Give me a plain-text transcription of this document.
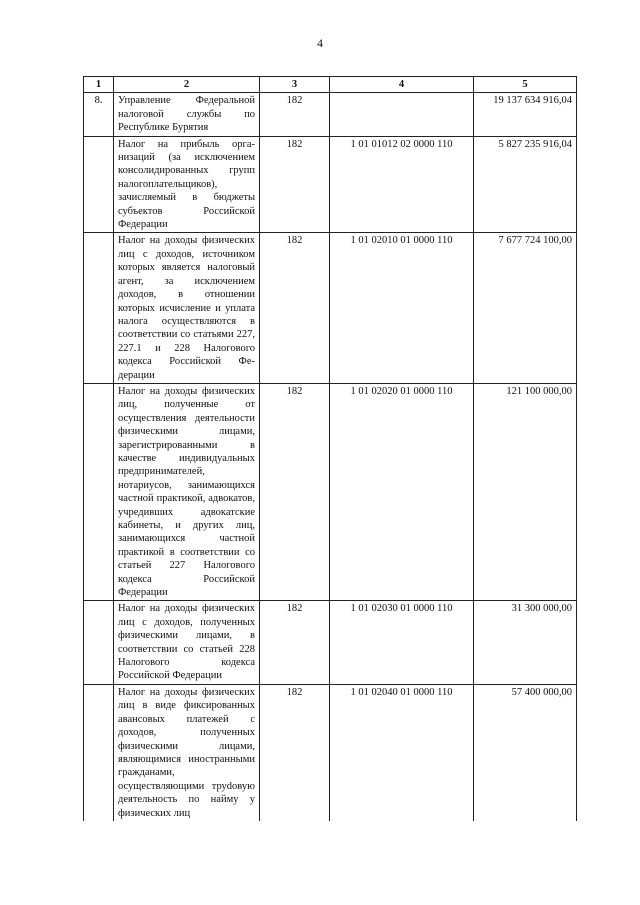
4
1	2	3	4	5
8.	Управление Федеральной налоговой службы по Республике Бурятия	182		19 137 634 916,04
	Налог на прибыль организаций (за исключением консолидированных групп налогоплательщиков), зачисляемый в бюджеты субъектов Российской Федерации	182	1 01 01012 02 0000 110	5 827 235 916,04
	Налог на доходы физических лиц с доходов, источником которых является налоговый агент, за исключением доходов, в отношении которых исчисление и уплата налога осуществляются в соответствии со статьями 227, 227.1 и 228 Налогового кодекса Российской Федерации	182	1 01 02010 01 0000 110	7 677 724 100,00
	Налог на доходы физических лиц, полученные от осуществления деятельности физическими лицами, зарегистрированными в качестве индивидуальных предпринимателей, нотариусов, занимающихся частной практикой, адвокатов, учредивших адвокатские кабинеты, и других лиц, занимающихся частной практикой в соответствии со статьей 227 Налогового кодекса Российской Федерации	182	1 01 02020 01 0000 110	121 100 000,00
	Налог на доходы физических лиц с доходов, полученных физическими лицами, в соответствии со статьей 228 Налогового кодекса Российской Федерации	182	1 01 02030 01 0000 110	31 300 000,00
	Налог на доходы физических лиц в виде фиксированных авансовых платежей с доходов, полученных физическими лицами, являющимися иностранными гражданами, осуществляющими труdовую деятельность по найму у физических лиц	182	1 01 02040 01 0000 110	57 400 000,00
